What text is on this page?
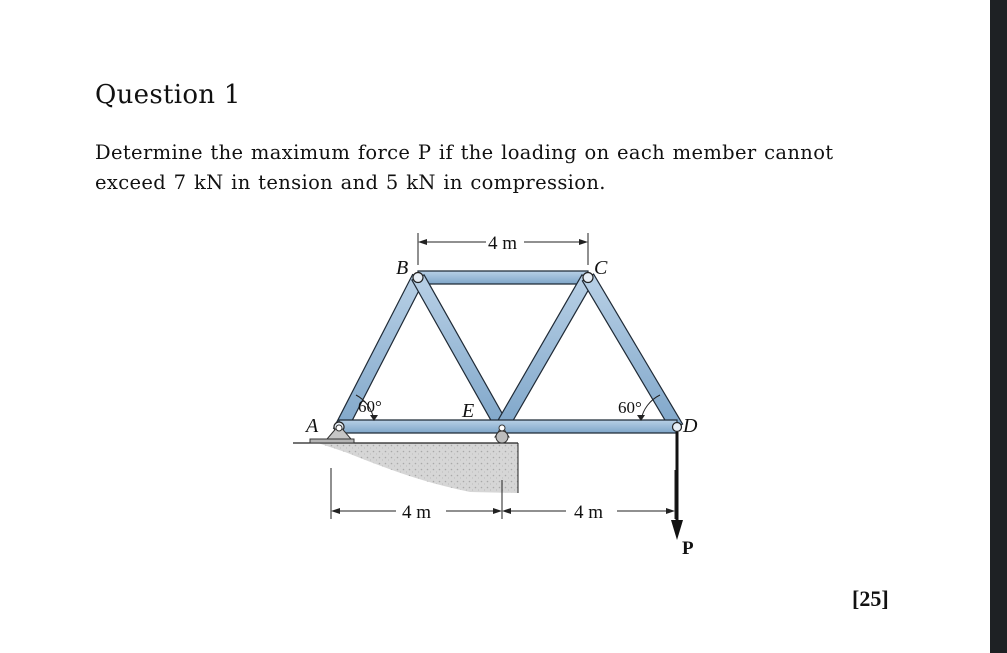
Question 1

Determine the maximum force P if the loading on each member cannot exceed 7 kN in tension and 5 kN in compression.

60°	60°
A
B	C
D
E
4 m
4 m	4 m
P
[25]
